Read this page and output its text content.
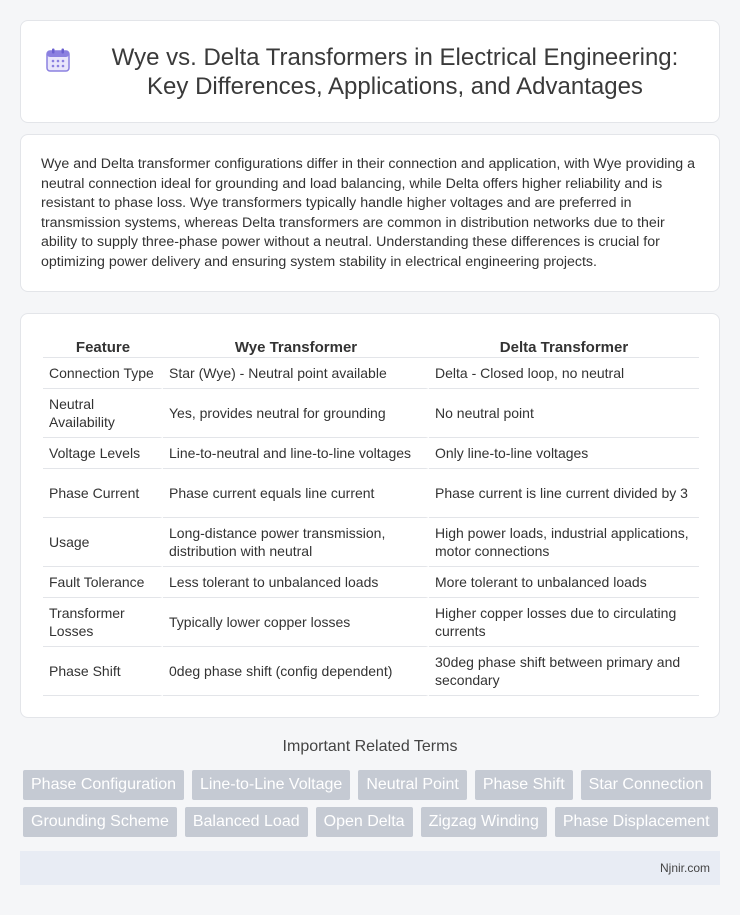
Wye vs. Delta Transformers in Electrical Engineering: Key Differences, Applications, and Advantages

Wye and Delta transformer configurations differ in their connection and application, with Wye providing a neutral connection ideal for grounding and load balancing, while Delta offers higher reliability and is resistant to phase loss. Wye transformers typically handle higher voltages and are preferred in transmission systems, whereas Delta transformers are common in distribution networks due to their ability to supply three-phase power without a neutral. Understanding these differences is crucial for optimizing power delivery and ensuring system stability in electrical engineering projects.

Feature	Wye Transformer	Delta Transformer
Connection Type	Star (Wye) - Neutral point available	Delta - Closed loop, no neutral
Neutral Availability	Yes, provides neutral for grounding	No neutral point
Voltage Levels	Line-to-neutral and line-to-line voltages	Only line-to-line voltages
Phase Current	Phase current equals line current	Phase current is line current divided by 3
Usage	Long-distance power transmission, distribution with neutral	High power loads, industrial applications, motor connections
Fault Tolerance	Less tolerant to unbalanced loads	More tolerant to unbalanced loads
Transformer Losses	Typically lower copper losses	Higher copper losses due to circulating currents
Phase Shift	0deg phase shift (config dependent)	30deg phase shift between primary and secondary
Important Related Terms
Phase Configuration	Line-to-Line Voltage	Neutral Point	Phase Shift	Star Connection
Grounding Scheme	Balanced Load	Open Delta	Zigzag Winding	Phase Displacement
Njnir.com
